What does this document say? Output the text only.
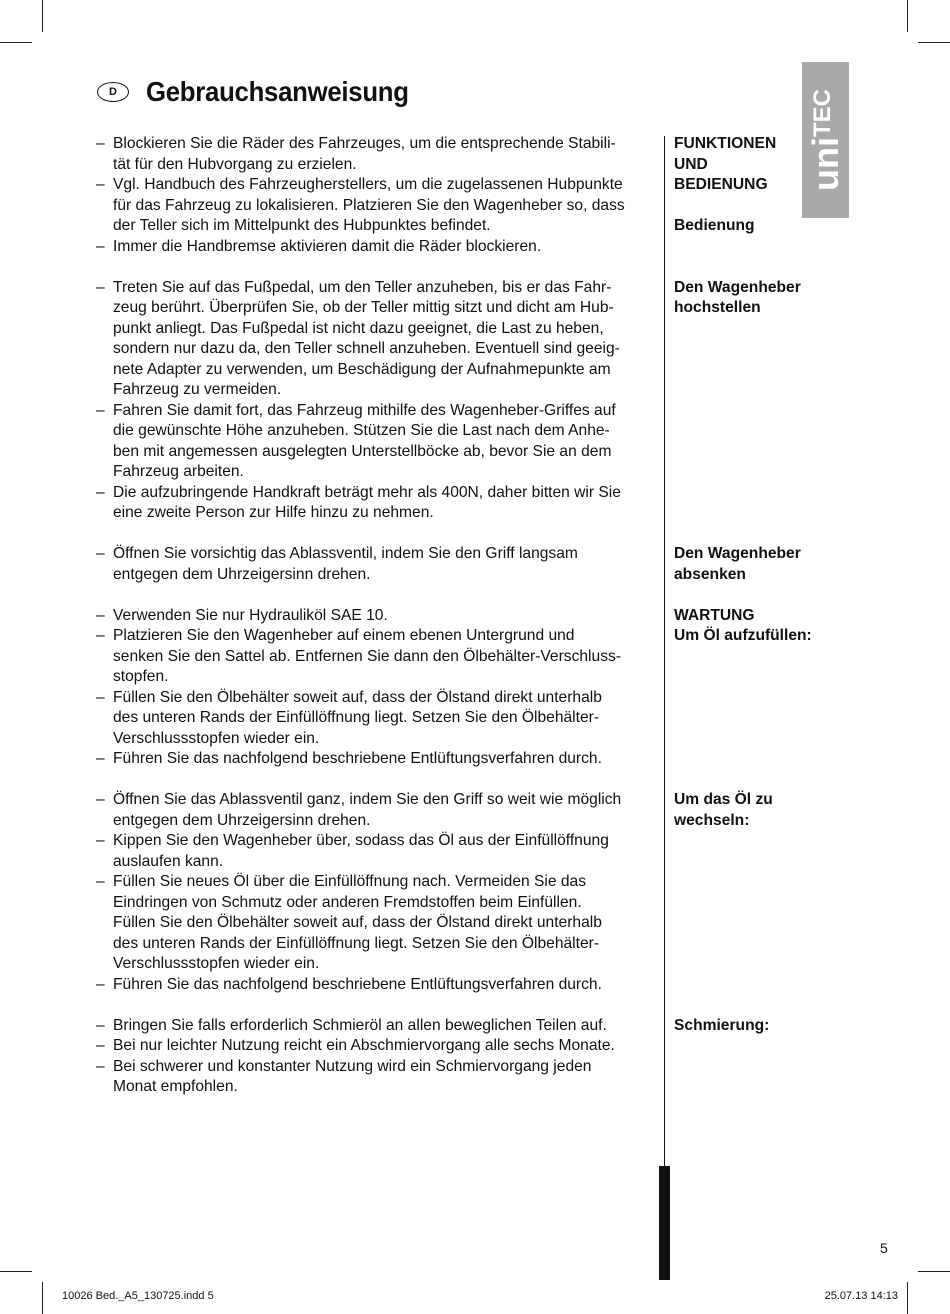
D	Gebrauchsanweisung
uniTEC
– Blockieren Sie die Räder des Fahrzeuges, um die entsprechende Stabili-
tät für den Hubvorgang zu erzielen.
– Vgl. Handbuch des Fahrzeugherstellers, um die zugelassenen Hubpunkte
für das Fahrzeug zu lokalisieren. Platzieren Sie den Wagenheber so, dass
der Teller sich im Mittelpunkt des Hubpunktes befindet.
– Immer die Handbremse aktivieren damit die Räder blockieren.
– Treten Sie auf das Fußpedal, um den Teller anzuheben, bis er das Fahr-
zeug berührt. Überprüfen Sie, ob der Teller mittig sitzt und dicht am Hub-
punkt anliegt. Das Fußpedal ist nicht dazu geeignet, die Last zu heben,
sondern nur dazu da, den Teller schnell anzuheben. Eventuell sind geeig-
nete Adapter zu verwenden, um Beschädigung der Aufnahmepunkte am
Fahrzeug zu vermeiden.
– Fahren Sie damit fort, das Fahrzeug mithilfe des Wagenheber-Griffes auf
die gewünschte Höhe anzuheben. Stützen Sie die Last nach dem Anhe-
ben mit angemessen ausgelegten Unterstellböcke ab, bevor Sie an dem
Fahrzeug arbeiten.
– Die aufzubringende Handkraft beträgt mehr als 400N, daher bitten wir Sie
eine zweite Person zur Hilfe hinzu zu nehmen.
– Öffnen Sie vorsichtig das Ablassventil, indem Sie den Griff langsam
entgegen dem Uhrzeigersinn drehen.
– Verwenden Sie nur Hydrauliköl SAE 10.
– Platzieren Sie den Wagenheber auf einem ebenen Untergrund und
senken Sie den Sattel ab. Entfernen Sie dann den Ölbehälter-Verschluss-
stopfen.
– Füllen Sie den Ölbehälter soweit auf, dass der Ölstand direkt unterhalb
des unteren Rands der Einfüllöffnung liegt. Setzen Sie den Ölbehälter-
Verschlussstopfen wieder ein.
– Führen Sie das nachfolgend beschriebene Entlüftungsverfahren durch.
– Öffnen Sie das Ablassventil ganz, indem Sie den Griff so weit wie möglich
entgegen dem Uhrzeigersinn drehen.
– Kippen Sie den Wagenheber über, sodass das Öl aus der Einfüllöffnung
auslaufen kann.
– Füllen Sie neues Öl über die Einfüllöffnung nach. Vermeiden Sie das
Eindringen von Schmutz oder anderen Fremdstoffen beim Einfüllen.
Füllen Sie den Ölbehälter soweit auf, dass der Ölstand direkt unterhalb
des unteren Rands der Einfüllöffnung liegt. Setzen Sie den Ölbehälter-
Verschlussstopfen wieder ein.
– Führen Sie das nachfolgend beschriebene Entlüftungsverfahren durch.
– Bringen Sie falls erforderlich Schmieröl an allen beweglichen Teilen auf.
– Bei nur leichter Nutzung reicht ein Abschmiervorgang alle sechs Monate.
– Bei schwerer und konstanter Nutzung wird ein Schmiervorgang jeden
Monat empfohlen.
FUNKTIONEN
UND
BEDIENUNG

Bedienung
Den Wagenheber
hochstellen
Den Wagenheber
absenken
WARTUNG
Um Öl aufzufüllen:
Um das Öl zu
wechseln:
Schmierung:
5
10026 Bed._A5_130725.indd 5	25.07.13 14:13
